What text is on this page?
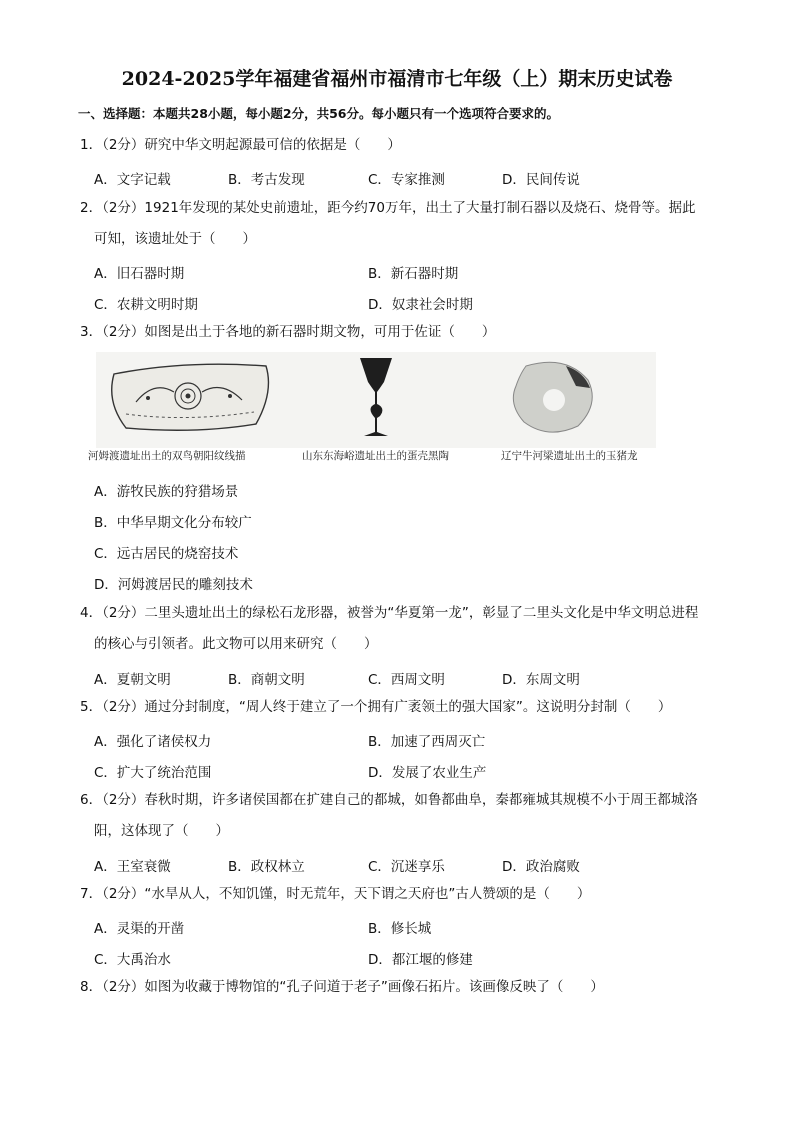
2024-2025学年福建省福州市福清市七年级（上）期末历史试卷
一、选择题：本题共28小题，每小题2分，共56分。每小题只有一个选项符合要求的。
1．（2分）研究中华文明起源最可信的依据是（　　）
A．文字记载	B．考古发现	C．专家推测	D．民间传说
2．（2分）1921年发现的某处史前遗址，距今约70万年，出土了大量打制石器以及烧石、烧骨等。据此
可知，该遗址处于（　　）
A．旧石器时期	B．新石器时期
C．农耕文明时期	D．奴隶社会时期
3．（2分）如图是出土于各地的新石器时期文物，可用于佐证（　　）
河姆渡遗址出土的双鸟朝阳纹线描	山东东海峪遗址出土的蛋壳黑陶	辽宁牛河梁遗址出土的玉猪龙
A．游牧民族的狩猎场景
B．中华早期文化分布较广
C．远古居民的烧窑技术
D．河姆渡居民的雕刻技术
4．（2分）二里头遗址出土的绿松石龙形器，被誉为“华夏第一龙”，彰显了二里头文化是中华文明总进程
的核心与引领者。此文物可以用来研究（　　）
A．夏朝文明	B．商朝文明	C．西周文明	D．东周文明
5．（2分）通过分封制度，“周人终于建立了一个拥有广袤领土的强大国家”。这说明分封制（　　）
A．强化了诸侯权力	B．加速了西周灭亡
C．扩大了统治范围	D．发展了农业生产
6．（2分）春秋时期，许多诸侯国都在扩建自己的都城，如鲁都曲阜，秦都雍城其规模不小于周王都城洛
阳，这体现了（　　）
A．王室衰微	B．政权林立	C．沉迷享乐	D．政治腐败
7．（2分）“水旱从人，不知饥馑，时无荒年，天下谓之天府也”古人赞颂的是（　　）
A．灵渠的开凿	B．修长城
C．大禹治水	D．都江堰的修建
8．（2分）如图为收藏于博物馆的“孔子问道于老子”画像石拓片。该画像反映了（　　）
